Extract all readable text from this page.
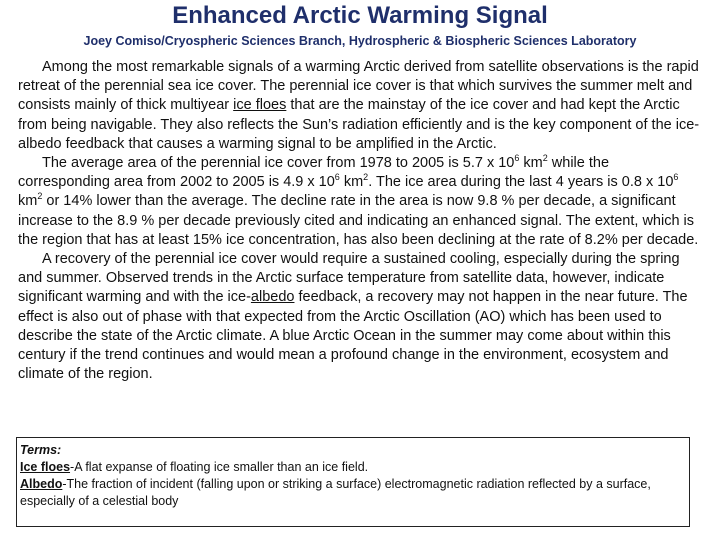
Enhanced Arctic Warming Signal
Joey Comiso/Cryospheric Sciences Branch, Hydrospheric & Biospheric Sciences Laboratory

Among the most remarkable signals of a warming Arctic derived from satellite observations is the rapid retreat of the perennial sea ice cover. The perennial ice cover is that which survives the summer melt and consists mainly of thick multiyear ice floes that are the mainstay of the ice cover and had kept the Arctic from being navigable. They also reflects the Sun’s radiation efficiently and is the key component of the ice-albedo feedback that causes a warming signal to be amplified in the Arctic.

The average area of the perennial ice cover from 1978 to 2005 is 5.7 x $10^6$ $km^2$ while the corresponding area from 2002 to 2005 is 4.9 x $10^6$ $km^2$. The ice area during the last 4 years is 0.8 x $10^6$ $km^2$ or 14% lower than the average. The decline rate in the area is now 9.8 % per decade, a significant increase to the 8.9 % per decade previously cited and indicating an enhanced signal. The extent, which is the region that has at least 15% ice concentration, has also been declining at the rate of 8.2% per decade.

A recovery of the perennial ice cover would require a sustained cooling, especially during the spring and summer. Observed trends in the Arctic surface temperature from satellite data, however, indicate significant warming and with the ice-albedo feedback, a recovery may not happen in the near future. The effect is also out of phase with that expected from the Arctic Oscillation (AO) which has been used to describe the state of the Arctic climate. A blue Arctic Ocean in the summer may come about within this century if the trend continues and would mean a profound change in the environment, ecosystem and climate of the region.

Terms:
Ice floes-A flat expanse of floating ice smaller than an ice field.
Albedo-The fraction of incident (falling upon or striking a surface) electromagnetic radiation reflected by a surface, especially of a celestial body
